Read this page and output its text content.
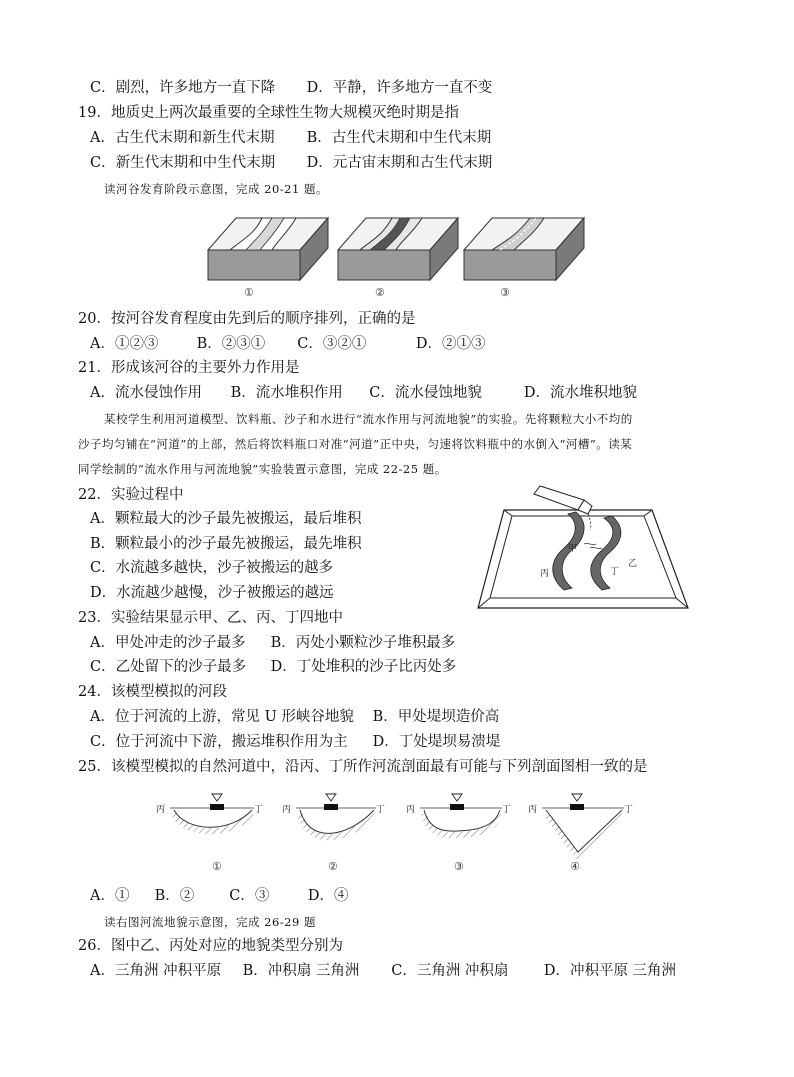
C．剧烈，许多地方一直下降 D．平静，许多地方一直不变
19．地质史上两次最重要的全球性生物大规模灭绝时期是指
A．古生代末期和新生代末期 B．古生代末期和中生代末期
C．新生代末期和中生代末期 D．元古宙末期和古生代末期
读河谷发育阶段示意图，完成 20-21 题。
①	②	③
20．按河谷发育程度由先到后的顺序排列，正确的是
A．①②③	B．②③① C．③②①	D．②①③
21．形成该河谷的主要外力作用是
A．流水侵蚀作用 B．流水堆积作用 C．流水侵蚀地貌	D．流水堆积地貌
某校学生利用河道模型、饮料瓶、沙子和水进行“流水作用与河流地貌”的实验。先将颗粒大小不均的
沙子均匀铺在“河道”的上部，然后将饮料瓶口对准“河道”正中央，匀速将饮料瓶中的水倒入“河槽”。读某
同学绘制的“流水作用与河流地貌”实验装置示意图，完成 22-25 题。
22．实验过程中
A．颗粒最大的沙子最先被搬运，最后堆积
B．颗粒最小的沙子最先被搬运，最先堆积
C．水流越多越快，沙子被搬运的越多
D．水流越少越慢，沙子被搬运的越远
甲
乙
丙	丁
23．实验结果显示甲、乙、丙、丁四地中
A．甲处冲走的沙子最多 B．丙处小颗粒沙子堆积最多
C．乙处留下的沙子最多 D．丁处堆积的沙子比丙处多
24．该模型模拟的河段
A．位于河流的上游，常见 U 形峡谷地貌 B．甲处堤坝造价高
C．位于河流中下游，搬运堆积作用为主 D．丁处堤坝易溃堤
25．该模型模拟的自然河道中，沿丙、丁所作河流剖面最有可能与下列剖面图相一致的是
丙	丁 丙	丁 丙	丁 丙	丁
①	②	③	④
A．① B．② C．③	D．④
读右图河流地貌示意图，完成 26-29 题
26．图中乙、丙处对应的地貌类型分别为
A．三角洲 冲积平原 B．冲积扇 三角洲 C．三角洲 冲积扇 D．冲积平原 三角洲
